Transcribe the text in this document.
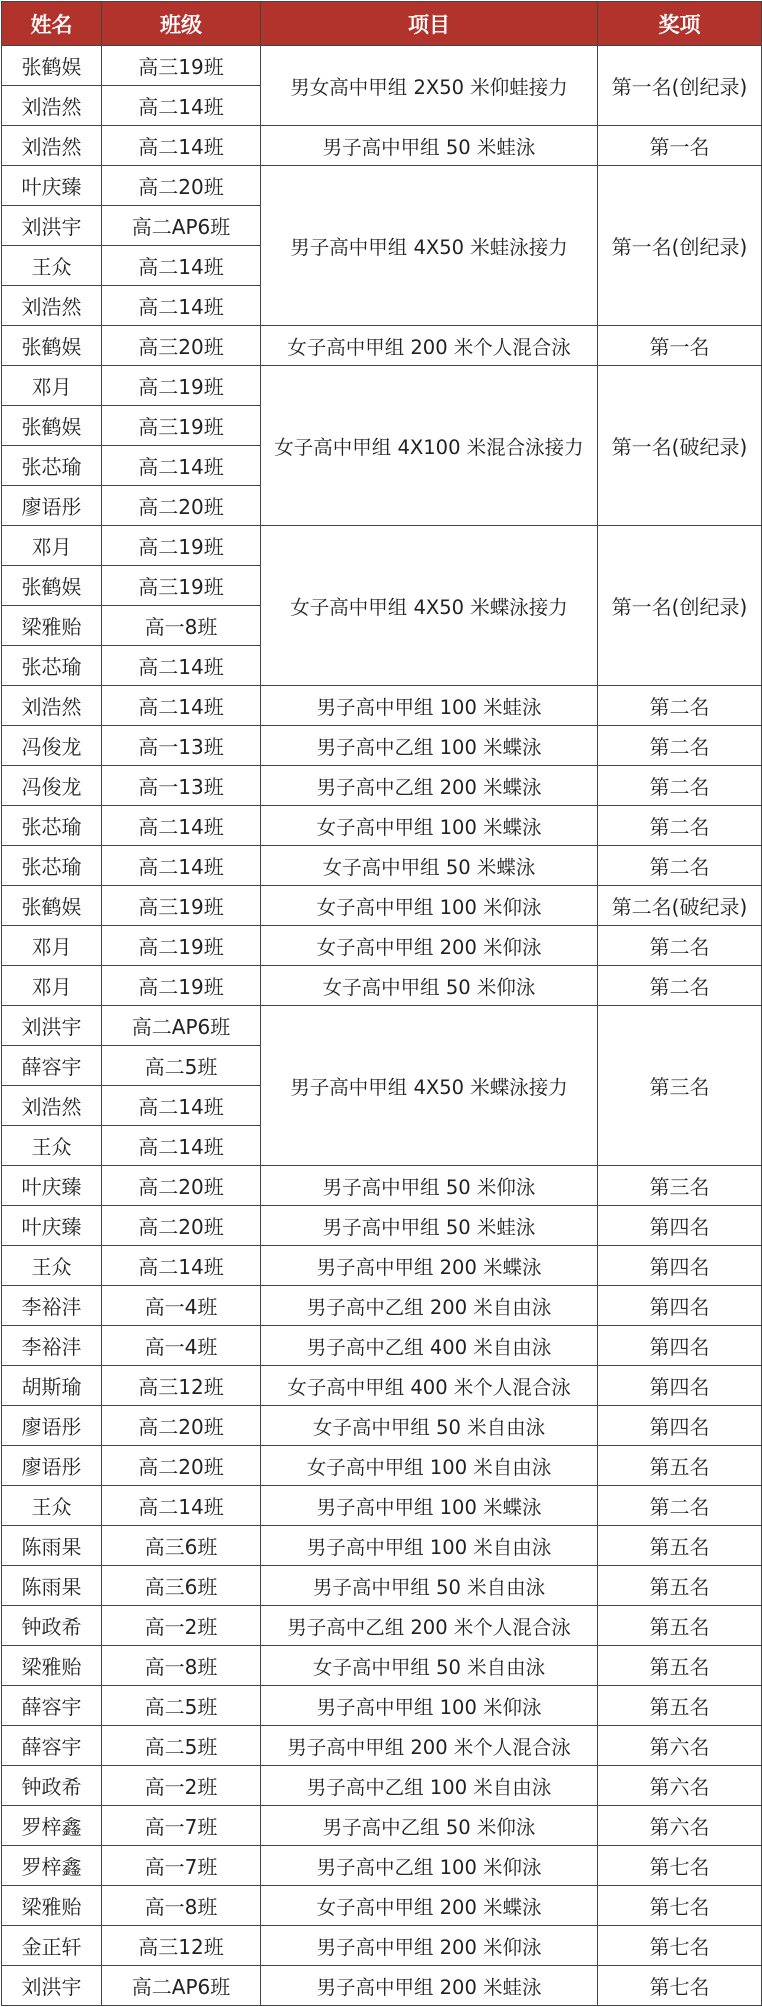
姓名	班级	项目	奖项
张鹤娱	高三19班	男女高中甲组 2X50 米仰蛙接力	第一名(创纪录)
刘浩然	高二14班		
刘浩然	高二14班	男子高中甲组 50 米蛙泳	第一名
叶庆臻	高二20班	男子高中甲组 4X50 米蛙泳接力	第一名(创纪录)
刘洪宇	高二AP6班		
王众	高二14班		
刘浩然	高二14班		
张鹤娱	高三20班	女子高中甲组 200 米个人混合泳	第一名
邓月	高二19班	女子高中甲组 4X100 米混合泳接力	第一名(破纪录)
张鹤娱	高三19班		
张芯瑜	高二14班		
廖语彤	高二20班		
邓月	高二19班	女子高中甲组 4X50 米蝶泳接力	第一名(创纪录)
张鹤娱	高三19班		
梁雅贻	高一8班		
张芯瑜	高二14班		
刘浩然	高二14班	男子高中甲组 100 米蛙泳	第二名
冯俊龙	高一13班	男子高中乙组 100 米蝶泳	第二名
冯俊龙	高一13班	男子高中乙组 200 米蝶泳	第二名
张芯瑜	高二14班	女子高中甲组 100 米蝶泳	第二名
张芯瑜	高二14班	女子高中甲组 50 米蝶泳	第二名
张鹤娱	高三19班	女子高中甲组 100 米仰泳	第二名(破纪录)
邓月	高二19班	女子高中甲组 200 米仰泳	第二名
邓月	高二19班	女子高中甲组 50 米仰泳	第二名
刘洪宇	高二AP6班	男子高中甲组 4X50 米蝶泳接力	第三名
薛容宇	高二5班		
刘浩然	高二14班		
王众	高二14班		
叶庆臻	高二20班	男子高中甲组 50 米仰泳	第三名
叶庆臻	高二20班	男子高中甲组 50 米蛙泳	第四名
王众	高二14班	男子高中甲组 200 米蝶泳	第四名
李裕沣	高一4班	男子高中乙组 200 米自由泳	第四名
李裕沣	高一4班	男子高中乙组 400 米自由泳	第四名
胡斯瑜	高三12班	女子高中甲组 400 米个人混合泳	第四名
廖语彤	高二20班	女子高中甲组 50 米自由泳	第四名
廖语彤	高二20班	女子高中甲组 100 米自由泳	第五名
王众	高二14班	男子高中甲组 100 米蝶泳	第二名
陈雨果	高三6班	男子高中甲组 100 米自由泳	第五名
陈雨果	高三6班	男子高中甲组 50 米自由泳	第五名
钟政希	高一2班	男子高中乙组 200 米个人混合泳	第五名
梁雅贻	高一8班	女子高中甲组 50 米自由泳	第五名
薛容宇	高二5班	男子高中甲组 100 米仰泳	第五名
薛容宇	高二5班	男子高中甲组 200 米个人混合泳	第六名
钟政希	高一2班	男子高中乙组 100 米自由泳	第六名
罗梓鑫	高一7班	男子高中乙组 50 米仰泳	第六名
罗梓鑫	高一7班	男子高中乙组 100 米仰泳	第七名
梁雅贻	高一8班	女子高中甲组 200 米蝶泳	第七名
金正轩	高三12班	男子高中甲组 200 米仰泳	第七名
刘洪宇	高二AP6班	男子高中甲组 200 米蛙泳	第七名
